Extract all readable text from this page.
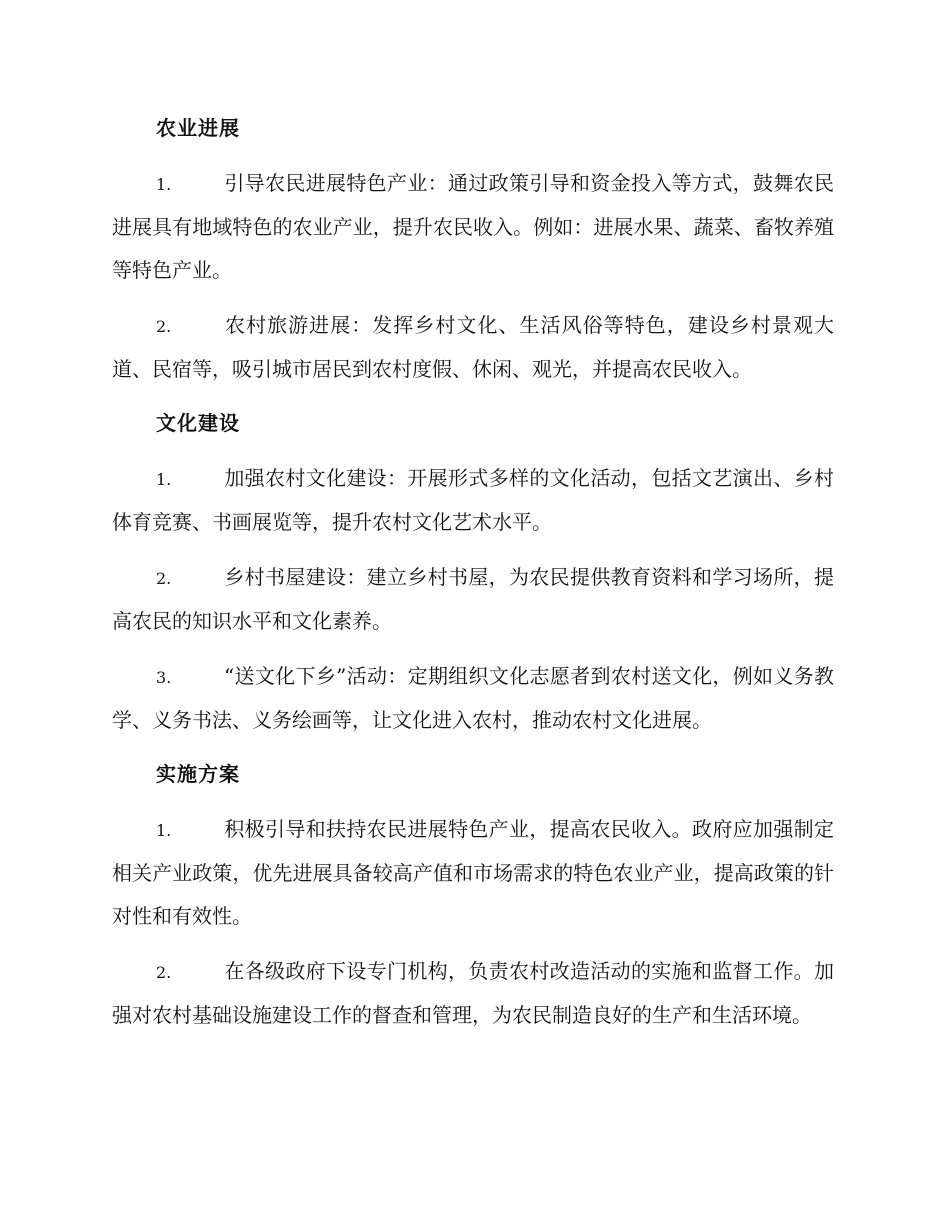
农业进展

1.	引导农民进展特色产业：通过政策引导和资金投入等方式，鼓舞农民进展具有地域特色的农业产业，提升农民收入。例如：进展水果、蔬菜、畜牧养殖等特色产业。

2.	农村旅游进展：发挥乡村文化、生活风俗等特色，建设乡村景观大道、民宿等，吸引城市居民到农村度假、休闲、观光，并提高农民收入。

文化建设

1.	加强农村文化建设：开展形式多样的文化活动，包括文艺演出、乡村体育竞赛、书画展览等，提升农村文化艺术水平。

2.	乡村书屋建设：建立乡村书屋，为农民提供教育资料和学习场所，提高农民的知识水平和文化素养。

3.	“送文化下乡”活动：定期组织文化志愿者到农村送文化，例如义务教学、义务书法、义务绘画等，让文化进入农村，推动农村文化进展。

实施方案

1.	积极引导和扶持农民进展特色产业，提高农民收入。政府应加强制定相关产业政策，优先进展具备较高产值和市场需求的特色农业产业，提高政策的针对性和有效性。

2.	在各级政府下设专门机构，负责农村改造活动的实施和监督工作。加强对农村基础设施建设工作的督查和管理，为农民制造良好的生产和生活环境。
